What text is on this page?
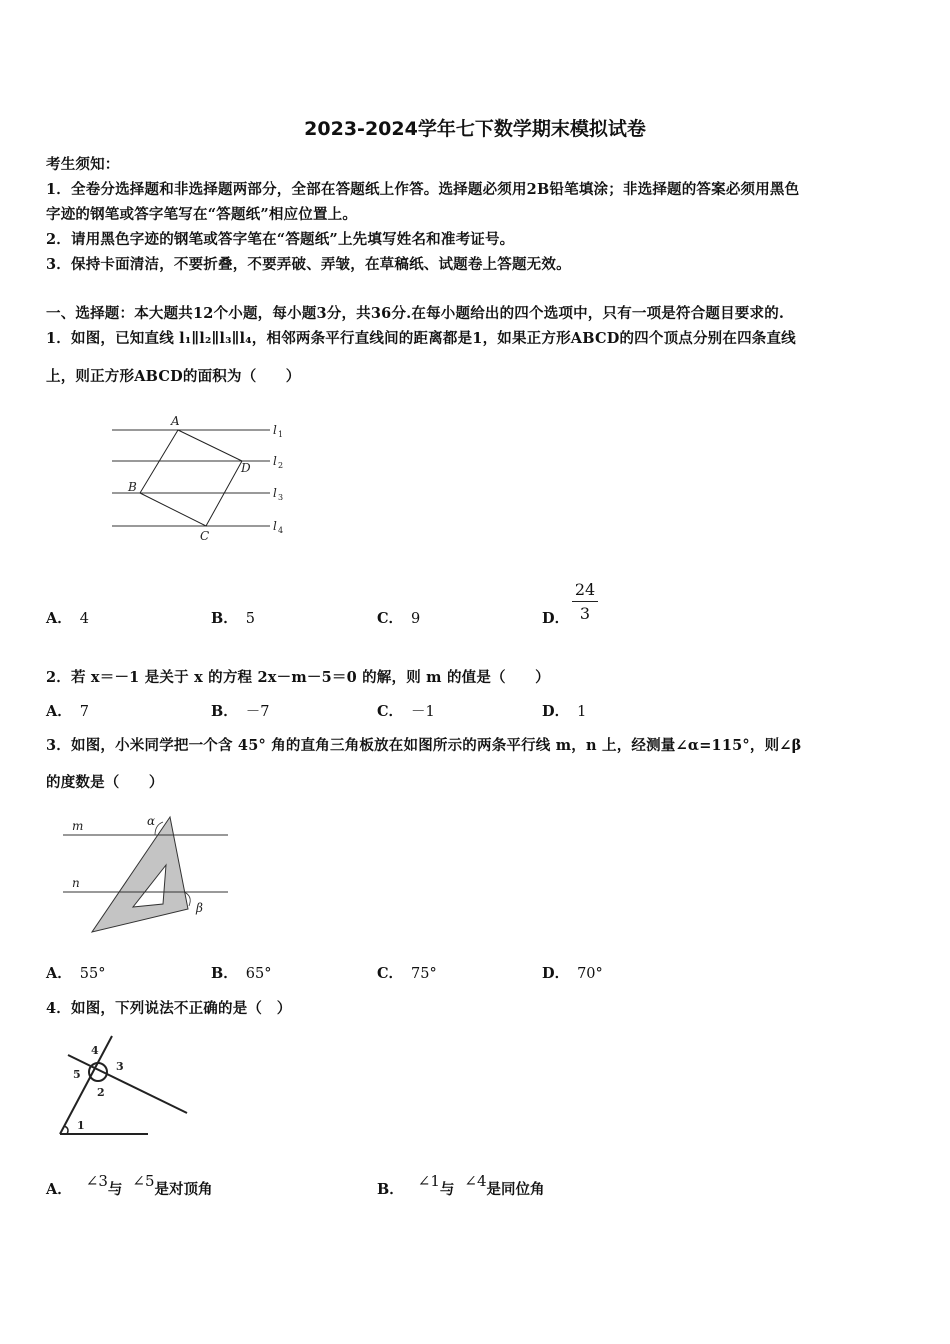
2023-2024学年七下数学期末模拟试卷
考生须知：
1．全卷分选择题和非选择题两部分，全部在答题纸上作答。选择题必须用2B铅笔填涂；非选择题的答案必须用黑色
字迹的钢笔或答字笔写在“答题纸”相应位置上。
2．请用黑色字迹的钢笔或答字笔在“答题纸”上先填写姓名和准考证号。
3．保持卡面清洁，不要折叠，不要弄破、弄皱，在草稿纸、试题卷上答题无效。
一、选择题：本大题共12个小题，每小题3分，共36分.在每小题给出的四个选项中，只有一项是符合题目要求的.
1．如图，已知直线 l₁∥l₂∥l₃∥l₄，相邻两条平行直线间的距离都是1，如果正方形ABCD的四个顶点分别在四条直线
上，则正方形ABCD的面积为（　　）
A
D
B
C
l
l
l
l
1
2
3
4
A． 4	B． 5	C． 9	D．
24
3
2．若 x＝－1 是关于 x 的方程 2x－m－5＝0 的解，则 m 的值是（　　）
A． 7	B． －7	C． －1	D． 1
3．如图，小米同学把一个含 45° 角的直角三角板放在如图所示的两条平行线 m，n 上，经测量∠α=115°，则∠β
的度数是（　　）
m
n
α
β
A． 55°	B． 65°	C． 75°	D． 70°
4．如图，下列说法不正确的是（　）
1
2
3
4
5
A． ∠3与 ∠5是对顶角	B． ∠1与 ∠4是同位角
